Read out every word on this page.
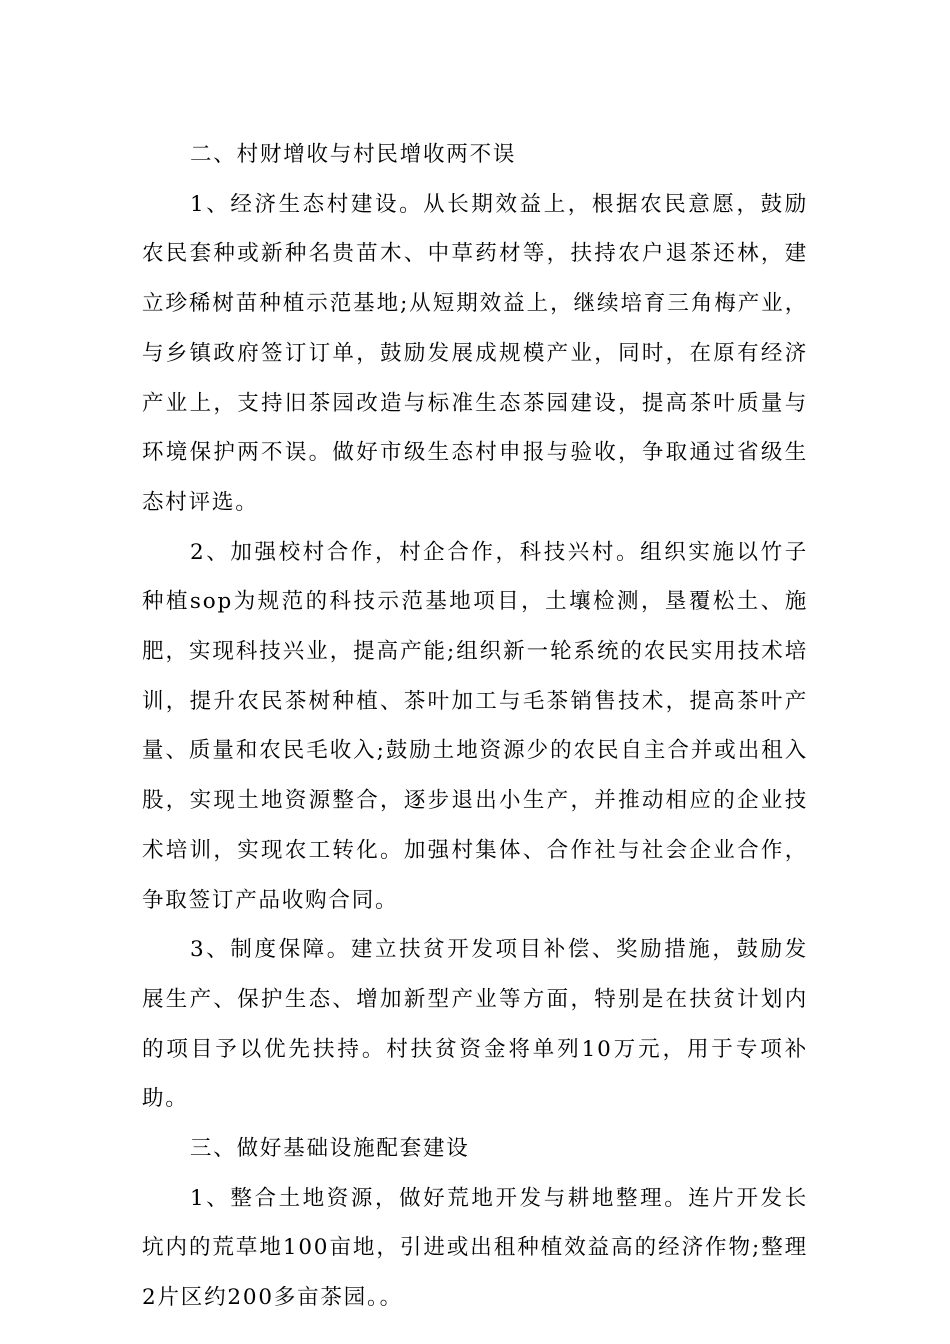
二、村财增收与村民增收两不误

1、经济生态村建设。从长期效益上，根据农民意愿，鼓励农民套种或新种名贵苗木、中草药材等，扶持农户退茶还林，建立珍稀树苗种植示范基地;从短期效益上，继续培育三角梅产业，与乡镇政府签订订单，鼓励发展成规模产业，同时，在原有经济产业上，支持旧茶园改造与标准生态茶园建设，提高茶叶质量与环境保护两不误。做好市级生态村申报与验收，争取通过省级生态村评选。

2、加强校村合作，村企合作，科技兴村。组织实施以竹子种植sop为规范的科技示范基地项目，土壤检测，垦覆松土、施肥，实现科技兴业，提高产能;组织新一轮系统的农民实用技术培训，提升农民茶树种植、茶叶加工与毛茶销售技术，提高茶叶产量、质量和农民毛收入;鼓励土地资源少的农民自主合并或出租入股，实现土地资源整合，逐步退出小生产，并推动相应的企业技术培训，实现农工转化。加强村集体、合作社与社会企业合作，争取签订产品收购合同。

3、制度保障。建立扶贫开发项目补偿、奖励措施，鼓励发展生产、保护生态、增加新型产业等方面，特别是在扶贫计划内的项目予以优先扶持。村扶贫资金将单列10万元，用于专项补助。

三、做好基础设施配套建设

1、整合土地资源，做好荒地开发与耕地整理。连片开发长坑内的荒草地100亩地，引进或出租种植效益高的经济作物;整理2片区约200多亩茶园。。
